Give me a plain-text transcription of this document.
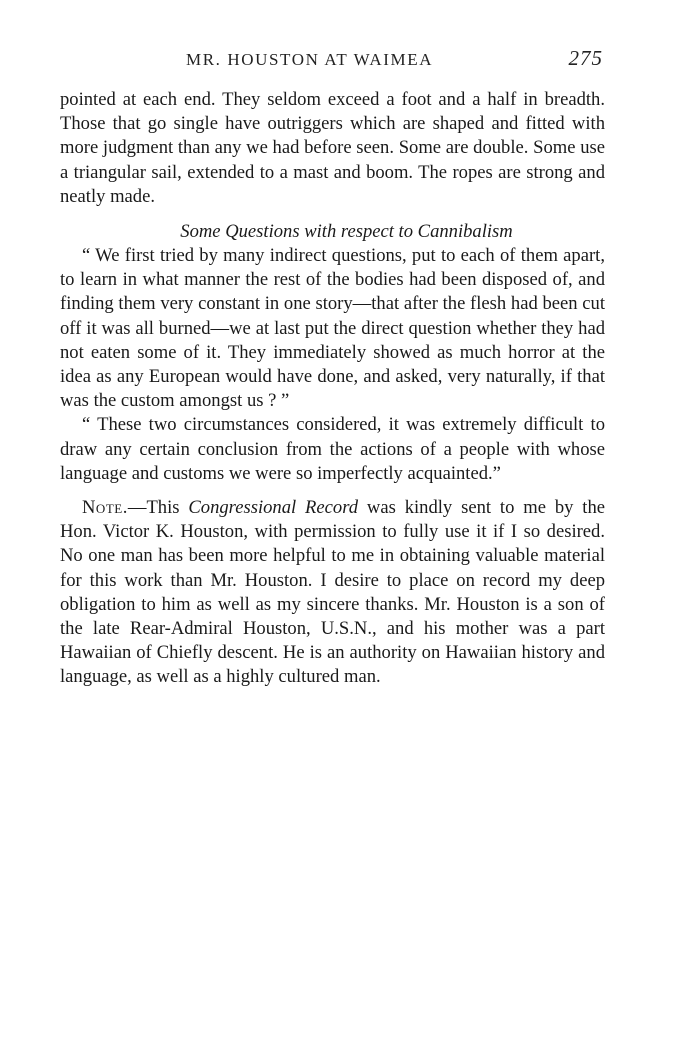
MR. HOUSTON AT WAIMEA	275

pointed at each end. They seldom exceed a foot and a half in breadth. Those that go single have outriggers which are shaped and fitted with more judgment than any we had before seen. Some are double. Some use a triangular sail, extended to a mast and boom. The ropes are strong and neatly made.

Some Questions with respect to Cannibalism

“ We first tried by many indirect questions, put to each of them apart, to learn in what manner the rest of the bodies had been disposed of, and finding them very constant in one story—that after the flesh had been cut off it was all burned—we at last put the direct question whether they had not eaten some of it. They immediately showed as much horror at the idea as any European would have done, and asked, very naturally, if that was the custom amongst us ? ”

“ These two circumstances considered, it was extremely difficult to draw any certain conclusion from the actions of a people with whose language and customs we were so imperfectly acquainted.”

Note.—This Congressional Record was kindly sent to me by the Hon. Victor K. Houston, with permission to fully use it if I so desired. No one man has been more helpful to me in obtaining valuable material for this work than Mr. Houston. I desire to place on record my deep obligation to him as well as my sincere thanks. Mr. Houston is a son of the late Rear-Admiral Houston, U.S.N., and his mother was a part Hawaiian of Chiefly descent. He is an authority on Hawaiian history and language, as well as a highly cultured man.
